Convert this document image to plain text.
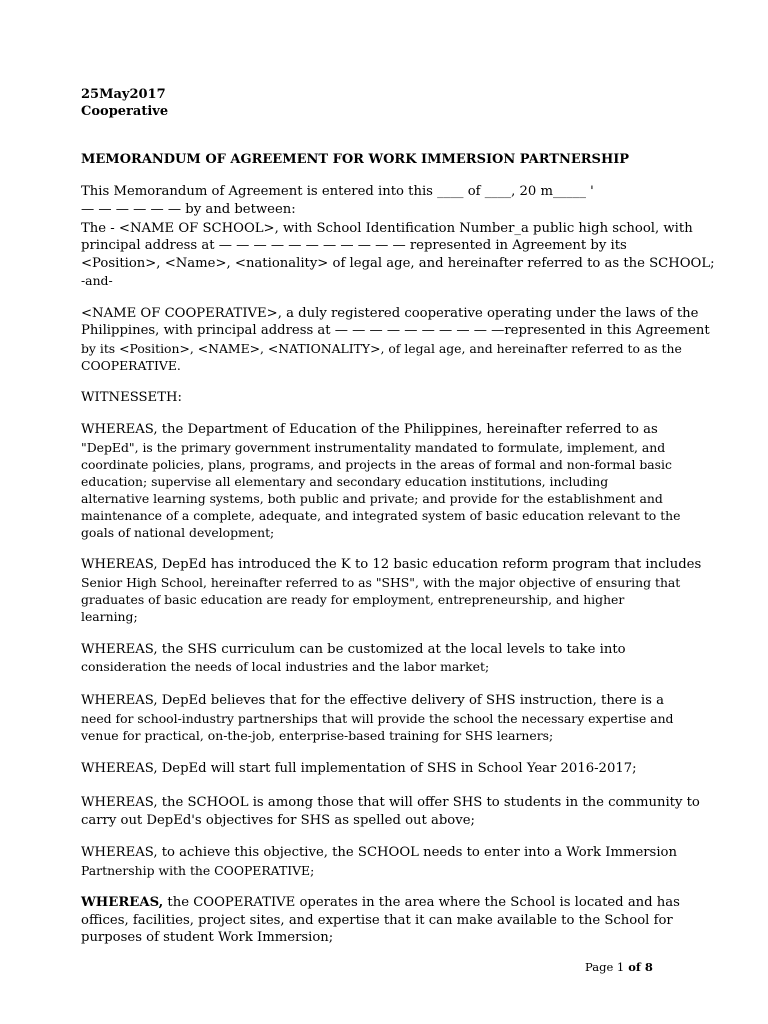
25May2017
Cooperative
MEMORANDUM OF AGREEMENT FOR WORK IMMERSION PARTNERSHIP
This Memorandum of Agreement is entered into this ____ of ____, 20 m_____ '
— — — — — — by and between:
The - <NAME OF SCHOOL>, with School Identification Number_a public high school, with
principal address at — — — — — — — — — — — represented in Agreement by its
<Position>, <Name>, <nationality> of legal age, and hereinafter referred to as the SCHOOL;
-and-
<NAME OF COOPERATIVE>, a duly registered cooperative operating under the laws of the
Philippines, with principal address at — — — — — — — — — —represented in this Agreement
by its <Position>, <NAME>, <NATIONALITY>, of legal age, and hereinafter referred to as the
COOPERATIVE.
WITNESSETH:
WHEREAS, the Department of Education of the Philippines, hereinafter referred to as
"DepEd", is the primary government instrumentality mandated to formulate, implement, and
coordinate policies, plans, programs, and projects in the areas of formal and non-formal basic
education; supervise all elementary and secondary education institutions, including
alternative learning systems, both public and private; and provide for the establishment and
maintenance of a complete, adequate, and integrated system of basic education relevant to the
goals of national development;
WHEREAS, DepEd has introduced the K to 12 basic education reform program that includes
Senior High School, hereinafter referred to as "SHS", with the major objective of ensuring that
graduates of basic education are ready for employment, entrepreneurship, and higher
learning;
WHEREAS, the SHS curriculum can be customized at the local levels to take into
consideration the needs of local industries and the labor market;
WHEREAS, DepEd believes that for the effective delivery of SHS instruction, there is a
need for school-industry partnerships that will provide the school the necessary expertise and
venue for practical, on-the-job, enterprise-based training for SHS learners;
WHEREAS, DepEd will start full implementation of SHS in School Year 2016-2017;
WHEREAS, the SCHOOL is among those that will offer SHS to students in the community to
carry out DepEd's objectives for SHS as spelled out above;
WHEREAS, to achieve this objective, the SCHOOL needs to enter into a Work Immersion
Partnership with the COOPERATIVE;
WHEREAS, the COOPERATIVE operates in the area where the School is located and has
offices, facilities, project sites, and expertise that it can make available to the School for
purposes of student Work Immersion;
Page 1 of 8
